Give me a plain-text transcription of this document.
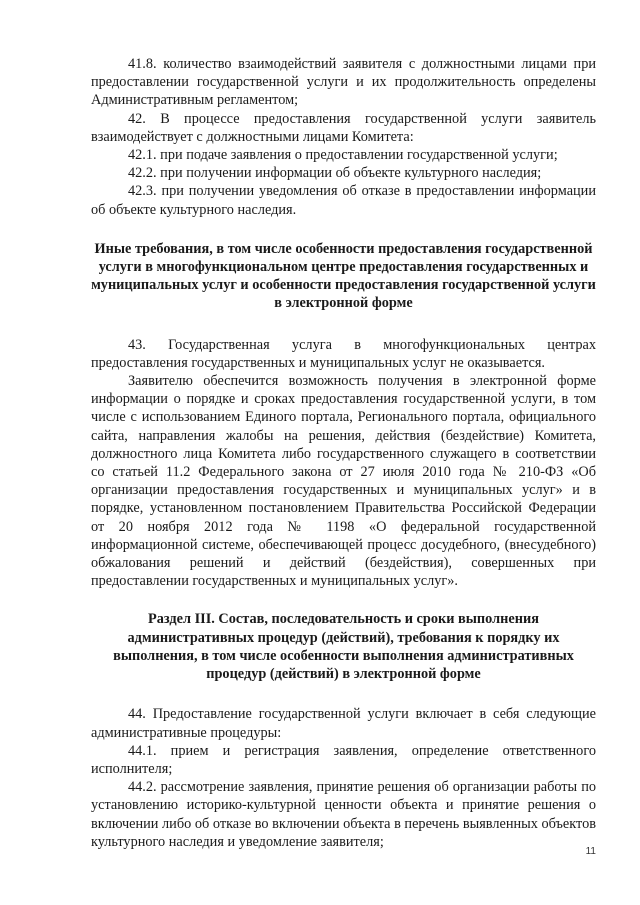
41.8. количество взаимодействий заявителя с должностными лицами при предоставлении государственной услуги и их продолжительность определены Административным регламентом;

42. В процессе предоставления государственной услуги заявитель взаимодействует с должностными лицами Комитета:

42.1. при подаче заявления о предоставлении государственной услуги;

42.2. при получении информации об объекте культурного наследия;

42.3. при получении уведомления об отказе в предоставлении информации об объекте культурного наследия.

Иные требования, в том числе особенности предоставления государственной услуги в многофункциональном центре предоставления государственных и муниципальных услуг и особенности предоставления государственной услуги в электронной форме

43. Государственная услуга в многофункциональных центрах предоставления государственных и муниципальных услуг не оказывается.

Заявителю обеспечится возможность получения в электронной форме информации о порядке и сроках предоставления государственной услуги, в том числе с использованием Единого портала, Регионального портала, официального сайта, направления жалобы на решения, действия (бездействие) Комитета, должностного лица Комитета либо государственного служащего в соответствии со статьей 11.2 Федерального закона от 27 июля 2010 года № 210-ФЗ «Об организации предоставления государственных и муниципальных услуг» и в порядке, установленном постановлением Правительства Российской Федерации от 20 ноября 2012 года № 1198 «О федеральной государственной информационной системе, обеспечивающей процесс досудебного, (внесудебного) обжалования решений и действий (бездействия), совершенных при предоставлении государственных и муниципальных услуг».

Раздел III. Состав, последовательность и сроки выполнения административных процедур (действий), требования к порядку их выполнения, в том числе особенности выполнения административных процедур (действий) в электронной форме

44. Предоставление государственной услуги включает в себя следующие административные процедуры:

44.1. прием и регистрация заявления, определение ответственного исполнителя;

44.2. рассмотрение заявления, принятие решения об организации работы по установлению историко-культурной ценности объекта и принятие решения о включении либо об отказе во включении объекта в перечень выявленных объектов культурного наследия и уведомление заявителя;

11
